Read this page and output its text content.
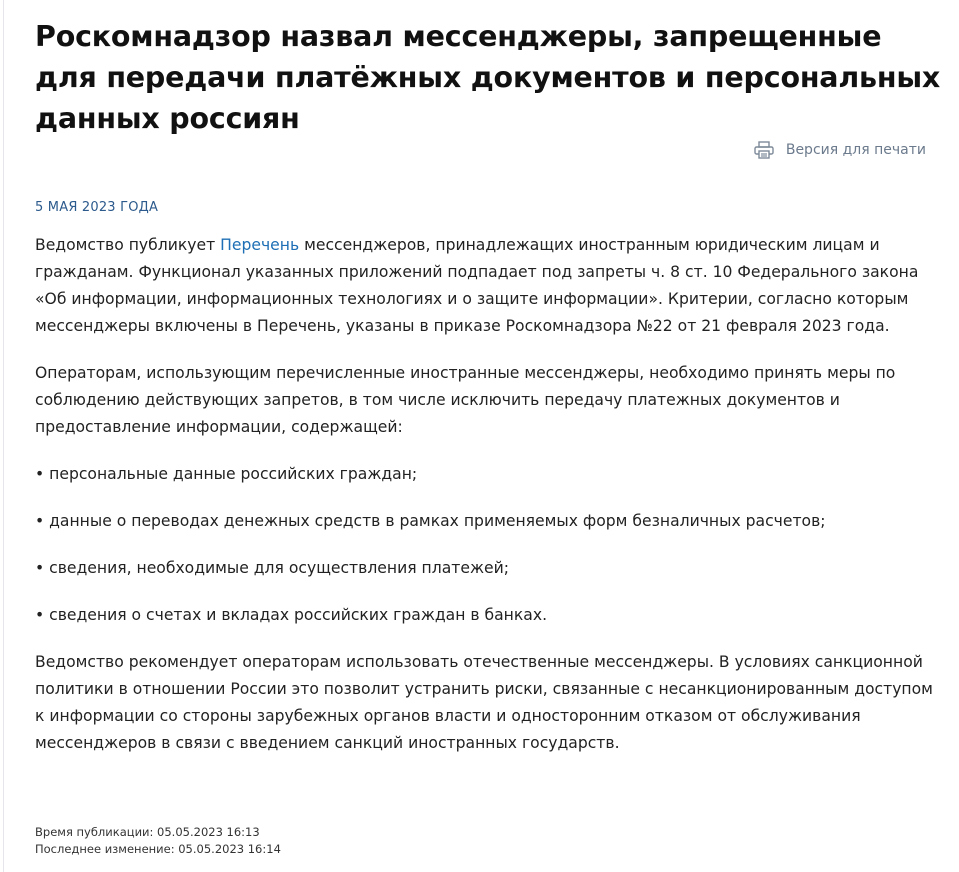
Роскомнадзор назвал мессенджеры, запрещенные для передачи платёжных документов и персональных данных россиян
Версия для печати
5 МАЯ 2023 ГОДА

Ведомство публикует Перечень мессенджеров, принадлежащих иностранным юридическим лицам и гражданам. Функционал указанных приложений подпадает под запреты ч. 8 ст. 10 Федерального закона «Об информации, информационных технологиях и о защите информации». Критерии, согласно которым мессенджеры включены в Перечень, указаны в приказе Роскомнадзора №22 от 21 февраля 2023 года.

Операторам, использующим перечисленные иностранные мессенджеры, необходимо принять меры по соблюдению действующих запретов, в том числе исключить передачу платежных документов и предоставление информации, содержащей:

• персональные данные российских граждан;

• данные о переводах денежных средств в рамках применяемых форм безналичных расчетов;

• сведения, необходимые для осуществления платежей;

• сведения о счетах и вкладах российских граждан в банках.

Ведомство рекомендует операторам использовать отечественные мессенджеры. В условиях санкционной политики в отношении России это позволит устранить риски, связанные с несанкционированным доступом к информации со стороны зарубежных органов власти и односторонним отказом от обслуживания мессенджеров в связи с введением санкций иностранных государств.

Время публикации: 05.05.2023 16:13
Последнее изменение: 05.05.2023 16:14
